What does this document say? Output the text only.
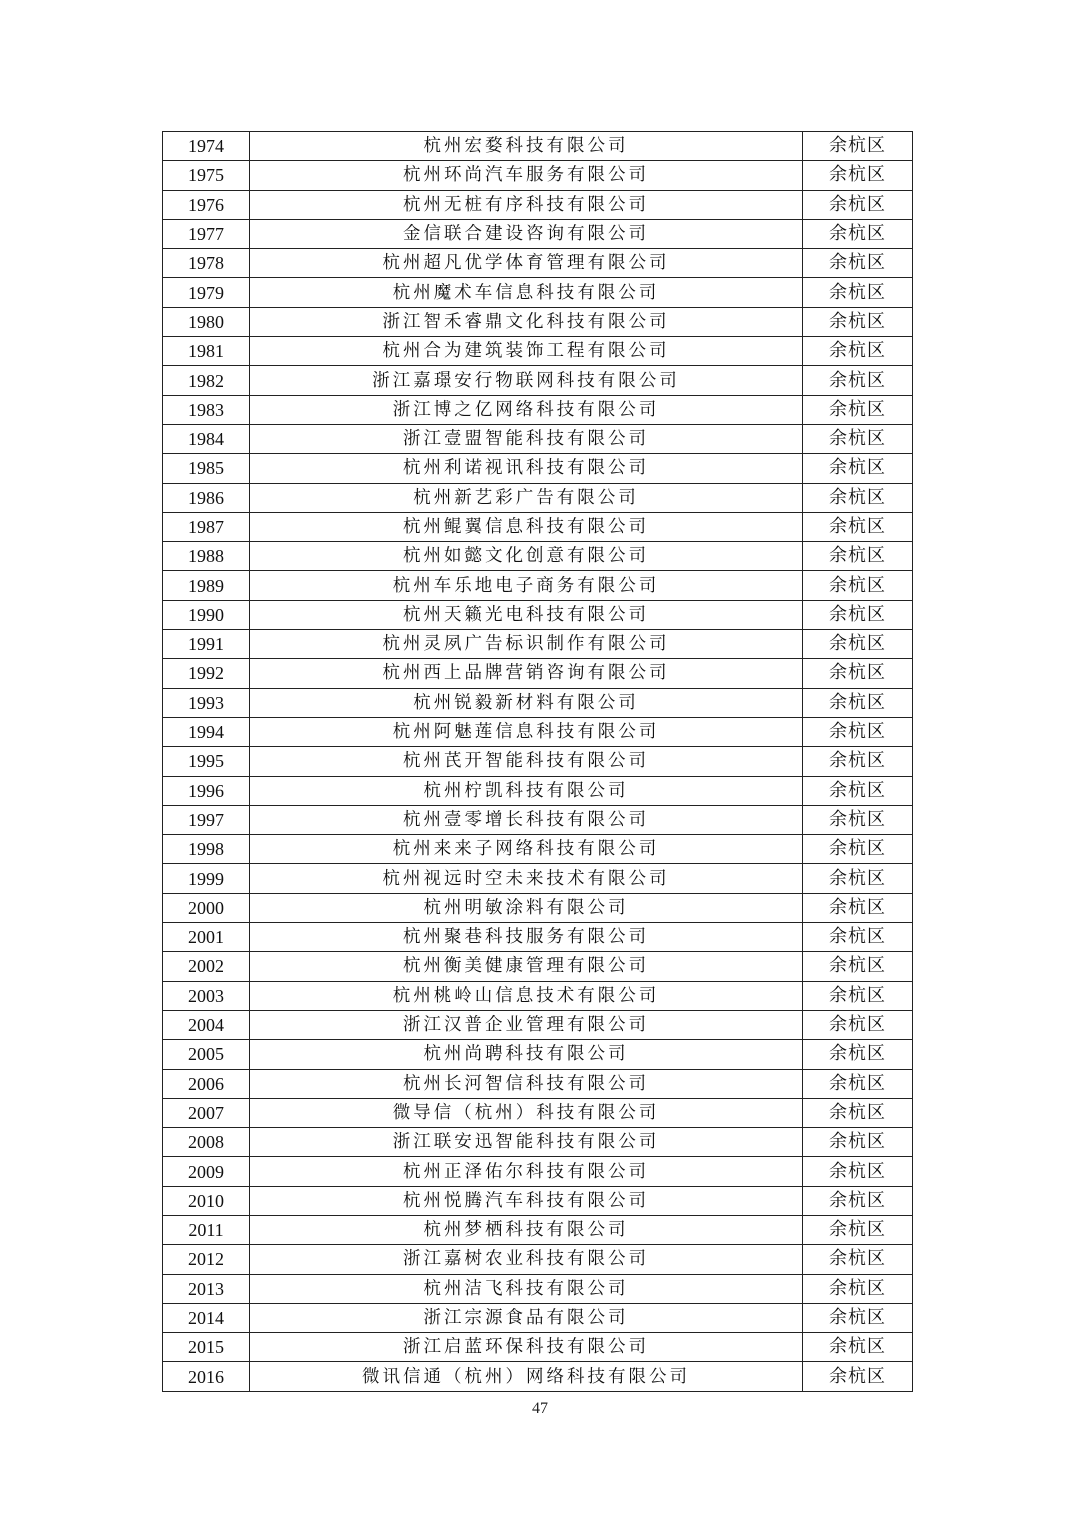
1974	杭州宏婺科技有限公司	余杭区
1975	杭州环尚汽车服务有限公司	余杭区
1976	杭州无桩有序科技有限公司	余杭区
1977	金信联合建设咨询有限公司	余杭区
1978	杭州超凡优学体育管理有限公司	余杭区
1979	杭州魔术车信息科技有限公司	余杭区
1980	浙江智禾睿鼎文化科技有限公司	余杭区
1981	杭州合为建筑装饰工程有限公司	余杭区
1982	浙江嘉璟安行物联网科技有限公司	余杭区
1983	浙江博之亿网络科技有限公司	余杭区
1984	浙江壹盟智能科技有限公司	余杭区
1985	杭州利诺视讯科技有限公司	余杭区
1986	杭州新艺彩广告有限公司	余杭区
1987	杭州鲲翼信息科技有限公司	余杭区
1988	杭州如懿文化创意有限公司	余杭区
1989	杭州车乐地电子商务有限公司	余杭区
1990	杭州天籁光电科技有限公司	余杭区
1991	杭州灵夙广告标识制作有限公司	余杭区
1992	杭州西上品牌营销咨询有限公司	余杭区
1993	杭州锐毅新材料有限公司	余杭区
1994	杭州阿魅莲信息科技有限公司	余杭区
1995	杭州芪开智能科技有限公司	余杭区
1996	杭州柠凯科技有限公司	余杭区
1997	杭州壹零增长科技有限公司	余杭区
1998	杭州来来子网络科技有限公司	余杭区
1999	杭州视远时空未来技术有限公司	余杭区
2000	杭州明敏涂料有限公司	余杭区
2001	杭州聚巷科技服务有限公司	余杭区
2002	杭州衡美健康管理有限公司	余杭区
2003	杭州桃岭山信息技术有限公司	余杭区
2004	浙江汉普企业管理有限公司	余杭区
2005	杭州尚聘科技有限公司	余杭区
2006	杭州长河智信科技有限公司	余杭区
2007	微导信（杭州）科技有限公司	余杭区
2008	浙江联安迅智能科技有限公司	余杭区
2009	杭州正泽佑尔科技有限公司	余杭区
2010	杭州悦腾汽车科技有限公司	余杭区
2011	杭州梦栖科技有限公司	余杭区
2012	浙江嘉树农业科技有限公司	余杭区
2013	杭州洁飞科技有限公司	余杭区
2014	浙江宗源食品有限公司	余杭区
2015	浙江启蓝环保科技有限公司	余杭区
2016	微讯信通（杭州）网络科技有限公司	余杭区
47
